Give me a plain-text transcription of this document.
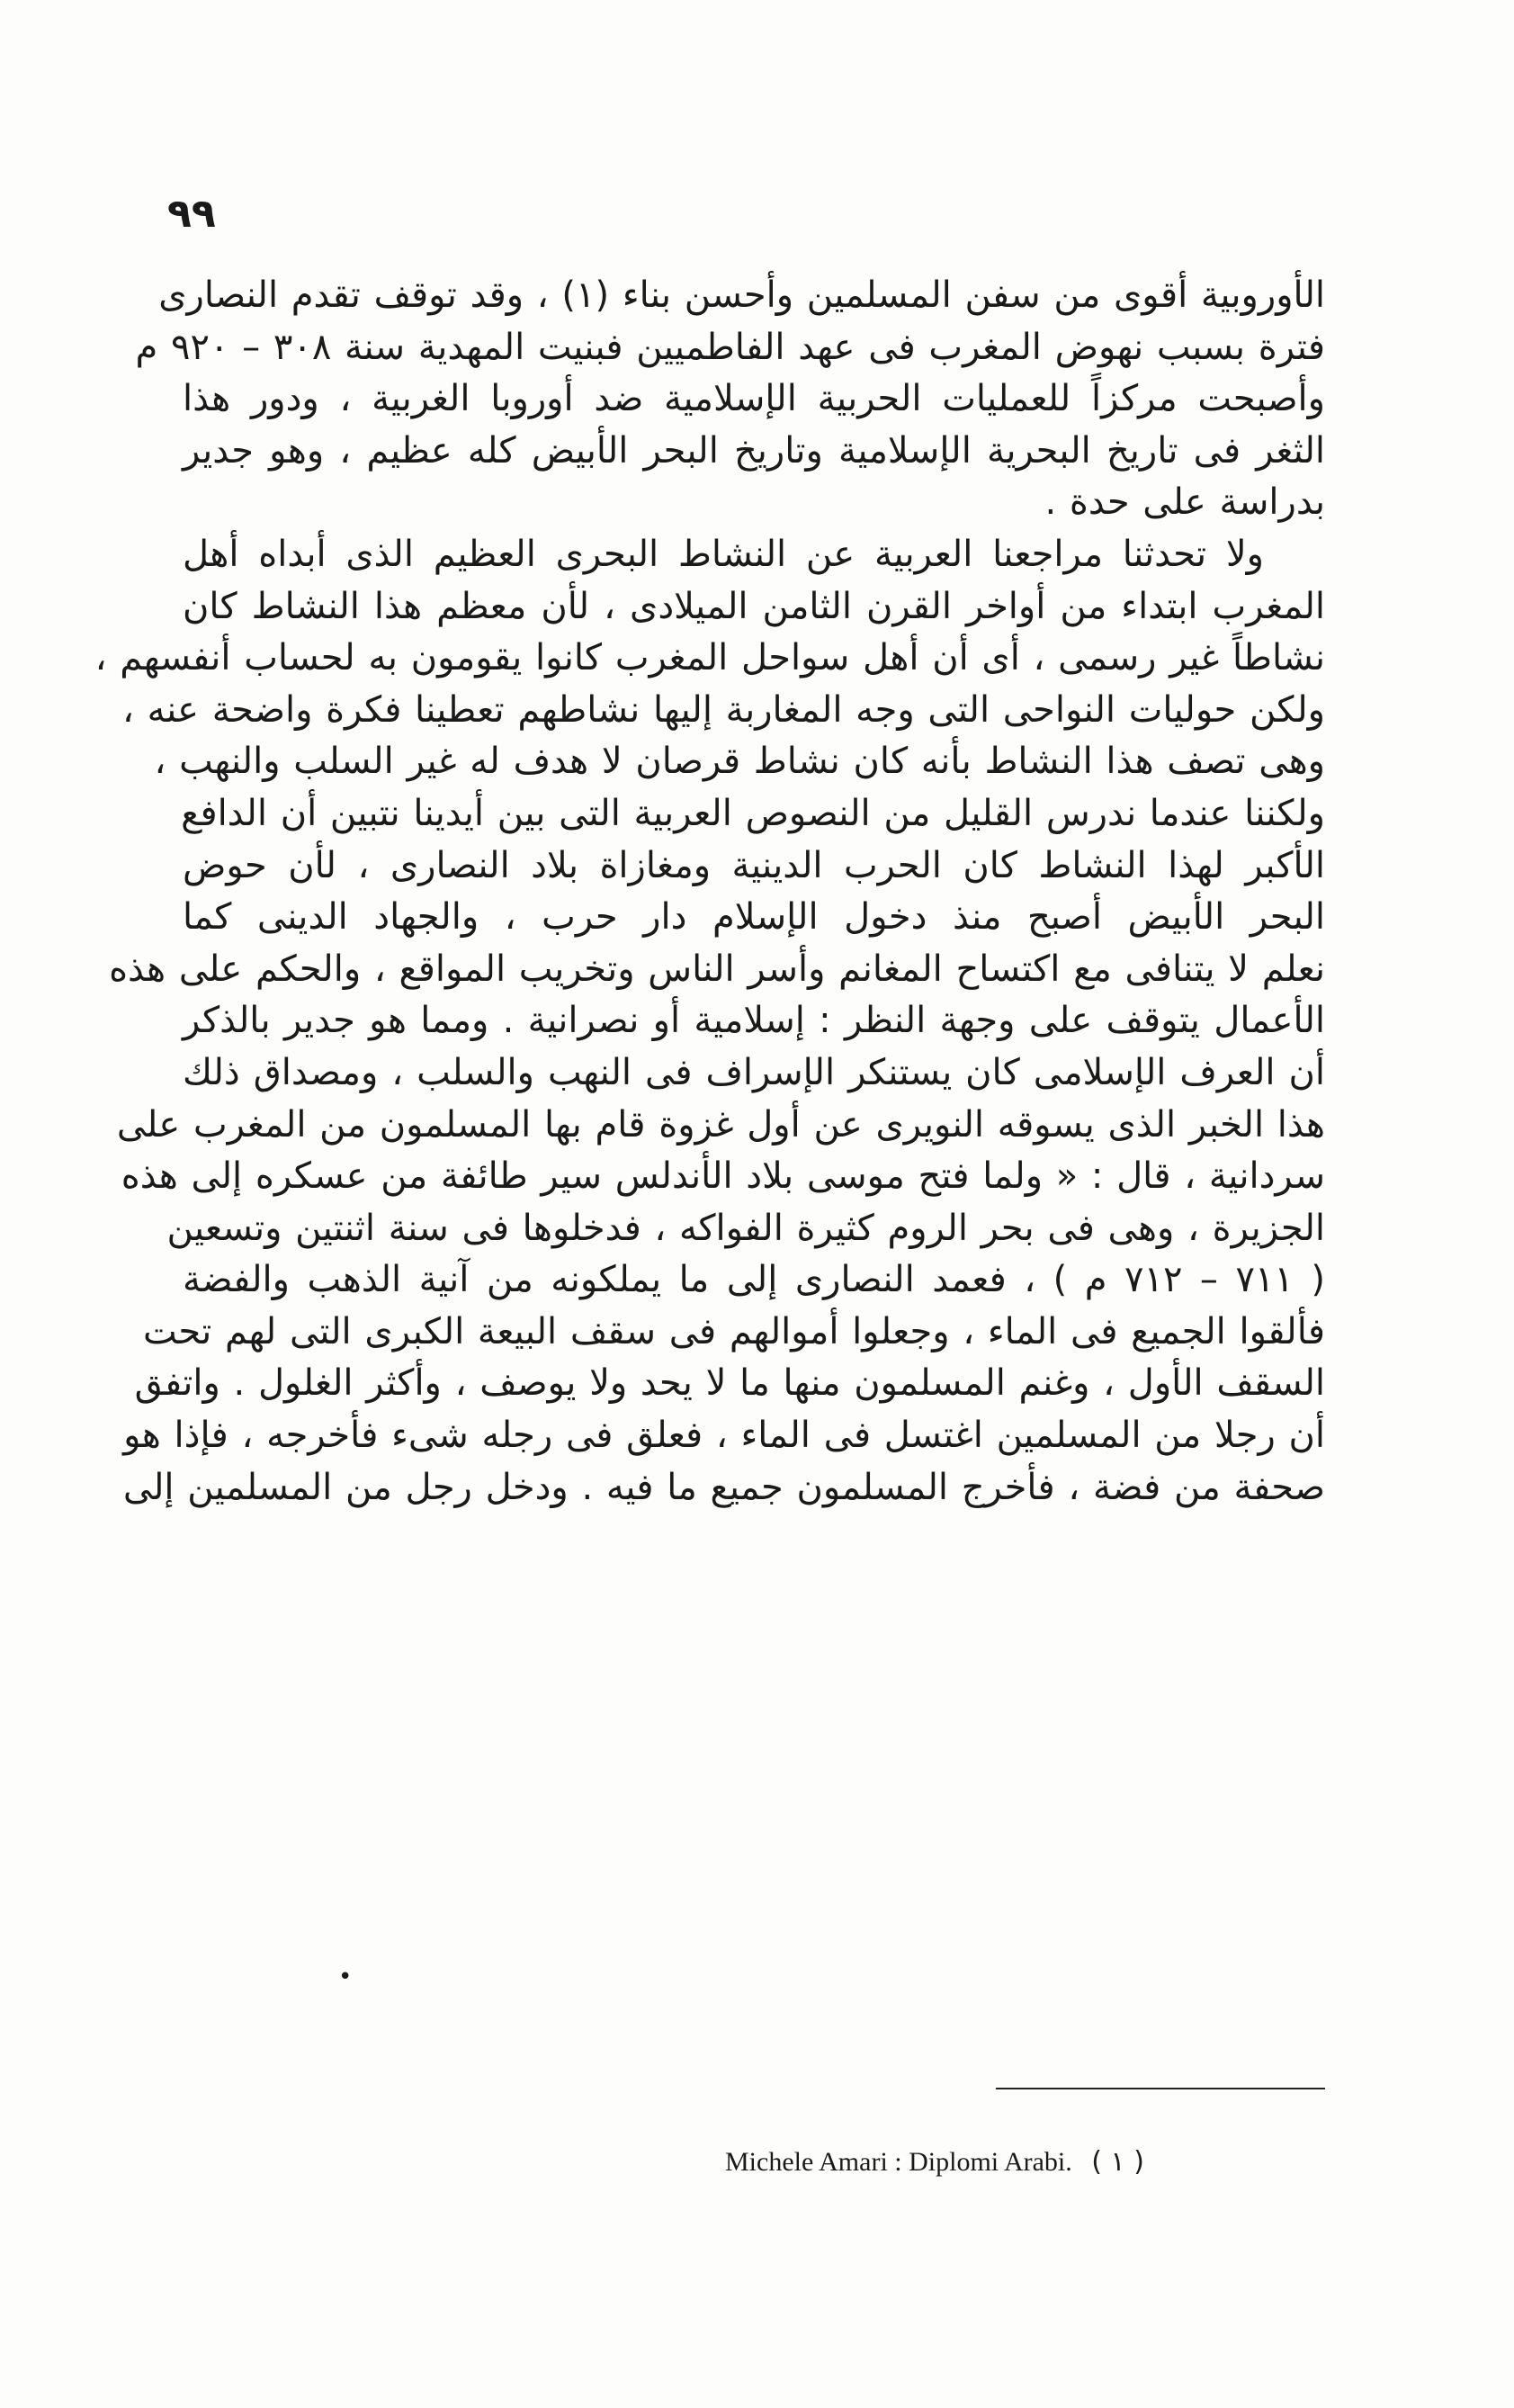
٩٩
الأوروبية أقوى من سفن المسلمين وأحسن بناء (١) ، وقد توقف تقدم النصارى
فترة بسبب نهوض المغرب فى عهد الفاطميين فبنيت المهدية سنة ٣٠٨ – ٩٢٠ م
وأصبحت مركزاً للعمليات الحربية الإسلامية ضد أوروبا الغربية ، ودور هذا
الثغر فى تاريخ البحرية الإسلامية وتاريخ البحر الأبيض كله عظيم ، وهو جدير
بدراسة على حدة .
ولا تحدثنا مراجعنا العربية عن النشاط البحرى العظيم الذى أبداه أهل
المغرب ابتداء من أواخر القرن الثامن الميلادى ، لأن معظم هذا النشاط كان
نشاطاً غير رسمى ، أى أن أهل سواحل المغرب كانوا يقومون به لحساب أنفسهم ،
ولكن حوليات النواحى التى وجه المغاربة إليها نشاطهم تعطينا فكرة واضحة عنه ،
وهى تصف هذا النشاط بأنه كان نشاط قرصان لا هدف له غير السلب والنهب ،
ولكننا عندما ندرس القليل من النصوص العربية التى بين أيدينا نتبين أن الدافع
الأكبر لهذا النشاط كان الحرب الدينية ومغازاة بلاد النصارى ، لأن حوض
البحر الأبيض أصبح منذ دخول الإسلام دار حرب ، والجهاد الدينى كما
نعلم لا يتنافى مع اكتساح المغانم وأسر الناس وتخريب المواقع ، والحكم على هذه
الأعمال يتوقف على وجهة النظر : إسلامية أو نصرانية . ومما هو جدير بالذكر
أن العرف الإسلامى كان يستنكر الإسراف فى النهب والسلب ، ومصداق ذلك
هذا الخبر الذى يسوقه النويرى عن أول غزوة قام بها المسلمون من المغرب على
سردانية ، قال : « ولما فتح موسى بلاد الأندلس سير طائفة من عسكره إلى هذه
الجزيرة ، وهى فى بحر الروم كثيرة الفواكه ، فدخلوها فى سنة اثنتين وتسعين
( ٧١١ – ٧١٢ م ) ، فعمد النصارى إلى ما يملكونه من آنية الذهب والفضة
فألقوا الجميع فى الماء ، وجعلوا أموالهم فى سقف البيعة الكبرى التى لهم تحت
السقف الأول ، وغنم المسلمون منها ما لا يحد ولا يوصف ، وأكثر الغلول . واتفق
أن رجلا من المسلمين اغتسل فى الماء ، فعلق فى رجله شىء فأخرجه ، فإذا هو
صحفة من فضة ، فأخرج المسلمون جميع ما فيه . ودخل رجل من المسلمين إلى
•
Michele Amari : Diplomi Arabi. ( ١ )
